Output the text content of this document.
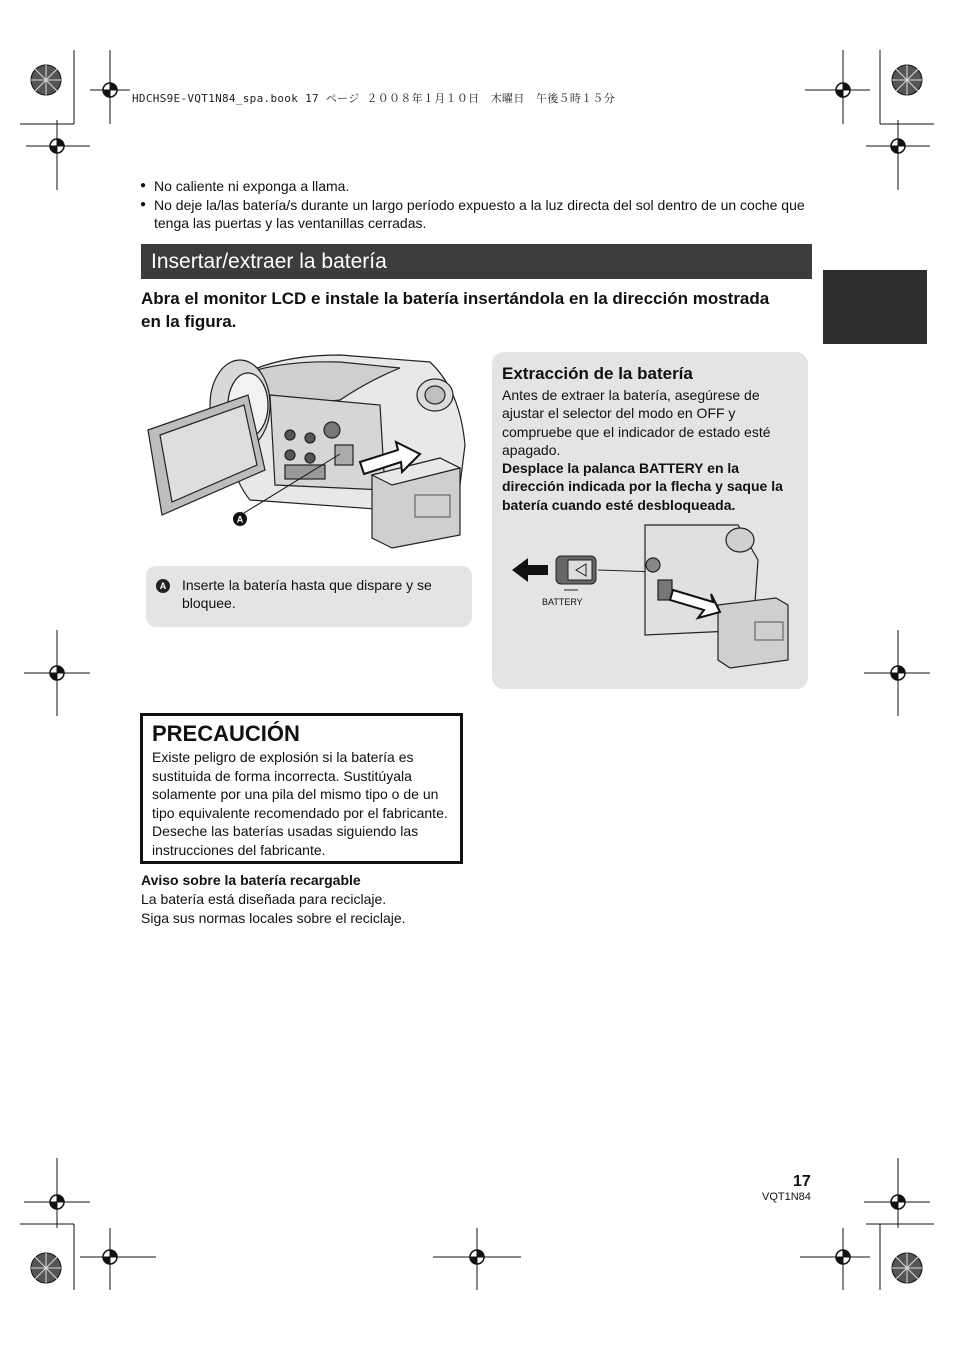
HDCHS9E-VQT1N84_spa.book 17 ページ ２００８年１月１０日　木曜日　午後５時１５分
● No caliente ni exponga a llama.
● No deje la/las batería/s durante un largo período expuesto a la luz directa del sol dentro de un coche que tenga las puertas y las ventanillas cerradas.
Insertar/extraer la batería
Abra el monitor LCD e instale la batería insertándola en la dirección mostrada en la figura.
A
A Inserte la batería hasta que dispare y se bloquee.
Extracción de la batería
Antes de extraer la batería, asegúrese de ajustar el selector del modo en OFF y compruebe que el indicador de estado esté apagado.
Desplace la palanca BATTERY en la dirección indicada por la flecha y saque la batería cuando esté desbloqueada.
BATTERY
PRECAUCIÓN
Existe peligro de explosión si la batería es sustituida de forma incorrecta. Sustitúyala solamente por una pila del mismo tipo o de un tipo equivalente recomendado por el fabricante. Deseche las baterías usadas siguiendo las instrucciones del fabricante.
Aviso sobre la batería recargable
La batería está diseñada para reciclaje.
Siga sus normas locales sobre el reciclaje.
17
VQT1N84
